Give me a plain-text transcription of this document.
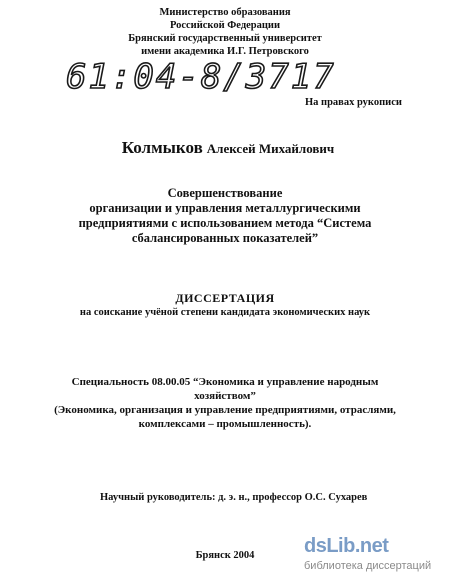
Министерство образования
Российской Федерации
Брянский государственный университет
имени академика И.Г. Петровского
61:04-8/3717
На правах рукописи
Колмыков Алексей Михайлович
Совершенствование
организации и управления металлургическими
предприятиями с использованием метода “Система
сбалансированных показателей”
ДИССЕРТАЦИЯ
на соискание учёной степени кандидата экономических наук
Специальность 08.00.05 “Экономика и управление народным
хозяйством”
(Экономика, организация и управление предприятиями, отраслями,
комплексами – промышленность).
Научный руководитель: д. э. н., профессор О.С. Сухарев
Брянск 2004	dsLib.net
библиотека диссертаций
